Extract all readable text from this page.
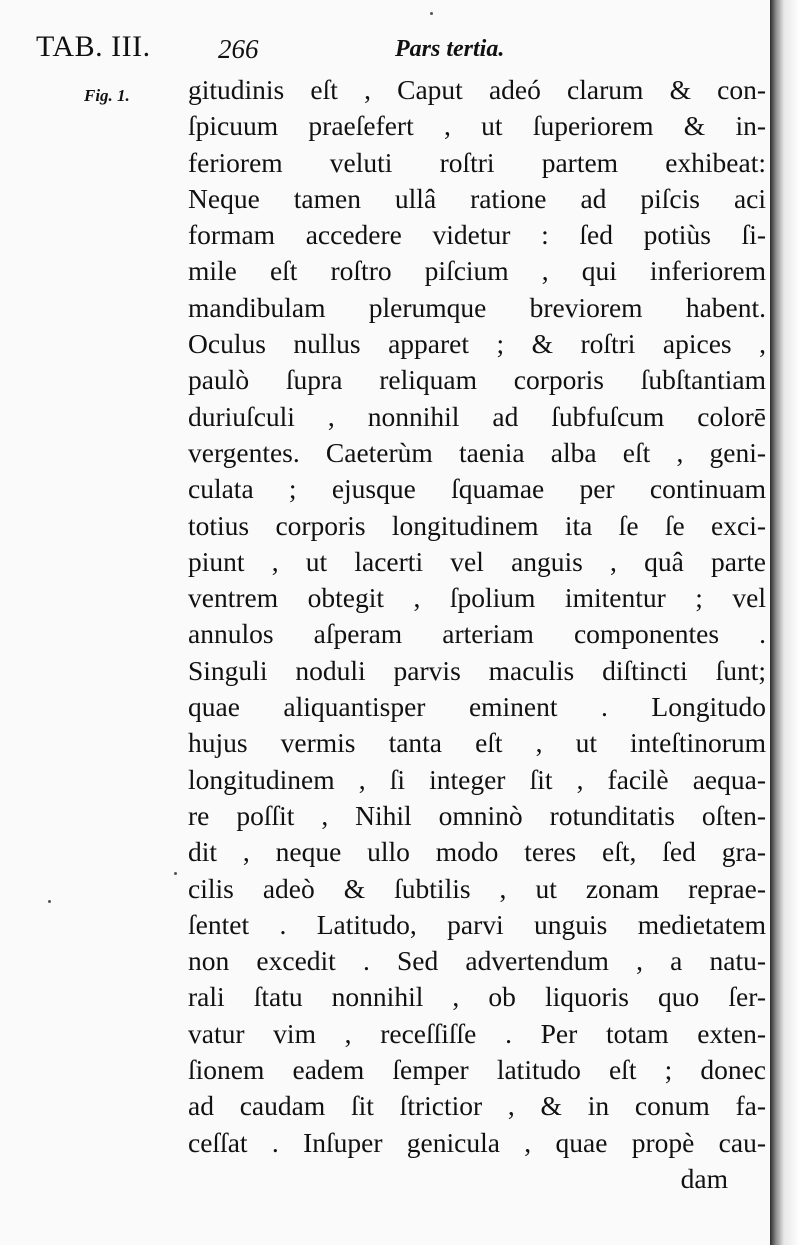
TAB. III. 266	Pars tertia.
Fig. 1. gitudinis eſt , Caput adeó clarum & con-
ſpicuum praeſefert , ut ſuperiorem & in-
feriorem veluti roſtri partem exhibeat:
Neque tamen ullâ ratione ad piſcis aci
formam accedere videtur : ſed potiùs ſi-
mile eſt roſtro piſcium , qui inferiorem
mandibulam plerumque breviorem habent.
Oculus nullus apparet ; & roſtri apices ,
paulò ſupra reliquam corporis ſubſtantiam
duriuſculi , nonnihil ad ſubfuſcum colorē
vergentes. Caeterùm taenia alba eſt , geni-
culata ; ejusque ſquamae per continuam
totius corporis longitudinem ita ſe ſe exci-
piunt , ut lacerti vel anguis , quâ parte
ventrem obtegit , ſpolium imitentur ; vel
annulos aſperam arteriam componentes .
Singuli noduli parvis maculis diſtincti ſunt;
quae aliquantisper eminent . Longitudo
hujus vermis tanta eſt , ut inteſtinorum
longitudinem , ſi integer ſit , facilè aequa-
re poſſit , Nihil omninò rotunditatis oſten-
dit , neque ullo modo teres eſt, ſed gra-
cilis adeò & ſubtilis , ut zonam reprae-
ſentet . Latitudo, parvi unguis medietatem
non excedit . Sed advertendum , a natu-
rali ſtatu nonnihil , ob liquoris quo ſer-
vatur vim , receſſiſſe . Per totam exten-
ſionem eadem ſemper latitudo eſt ; donec
ad caudam ſit ſtrictior , & in conum fa-
ceſſat . Inſuper genicula , quae propè cau-
dam
